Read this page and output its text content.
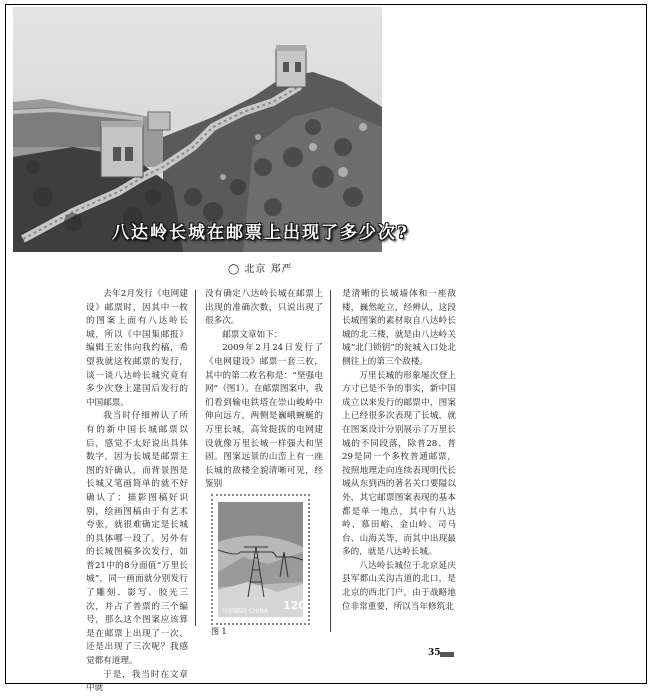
八达岭长城在邮票上出现了多少次?
◯ 北京 郑严

去年2月发行《电网建设》邮票时，因其中一枚的图案上面有八达岭长城，所以《中国集邮报》编辑王宏伟向我约稿，希望我就这枚邮票的发行，谈一谈八达岭长城究竟有多少次登上建国后发行的中国邮票。

我当时仔细辨认了所有的新中国长城邮票以后，感觉不太好说出具体数字，因为长城是邮票主图的好确认，而背景图是长城又笔画简单的就不好确认了；描影图稿好识别，绘画图稿由于有艺术夸张，就很难确定是长城的具体哪一段了。另外有的长城图稿多次发行，如普21中的8分面值“万里长城”，同一画面就分别发行了雕刻、影写、胶光三次，并占了普票的三个编号，那么这个图案应该算是在邮票上出现了一次，还是出现了三次呢？我感觉都有道理。

于是，我当时在文章中就

没有确定八达岭长城在邮票上出现的准确次数，只说出现了很多次。

邮票文章如下：

2009年2月24日发行了《电网建设》邮票一套三枚，其中的第二枚名称是：“坚强电网”（图1）。在邮票图案中，我们看到输电铁塔在崇山峻岭中伸向远方，两侧是巍峨蜿蜒的万里长城，高耸挺拔的电网建设就像万里长城一样强大和坚固。图案远景的山峦上有一座长城的敌楼全貌清晰可见，经鉴别

是清晰的长城墙体和一座敌楼，巍然屹立，经辨认，这段长城图案的素材取自八达岭长城的北三楼，就是由八达岭关城“北门锁钥”的瓮城入口处北侧往上的第三个敌楼。

万里长城的形象屡次登上方寸已是不争的事实，新中国成立以来发行的邮票中，图案上已经很多次表现了长城，就在图案设计分别展示了万里长城的不同段落，除普28、普29是同一个多枚普通邮票，按照地理走向连续表现明代长城从东到西的著名关口要隘以外，其它邮票图案表现的基本都是单一地点，其中有八达岭、慕田峪、金山岭、司马台、山海关等，而其中出现最多的，就是八达岭长城。

八达岭长城位于北京延庆县军都山关沟古道的北口，是北京的西北门户，由于战略地位非常重要，所以当年修筑北

中国邮政 CHINA 120
图 1
35
